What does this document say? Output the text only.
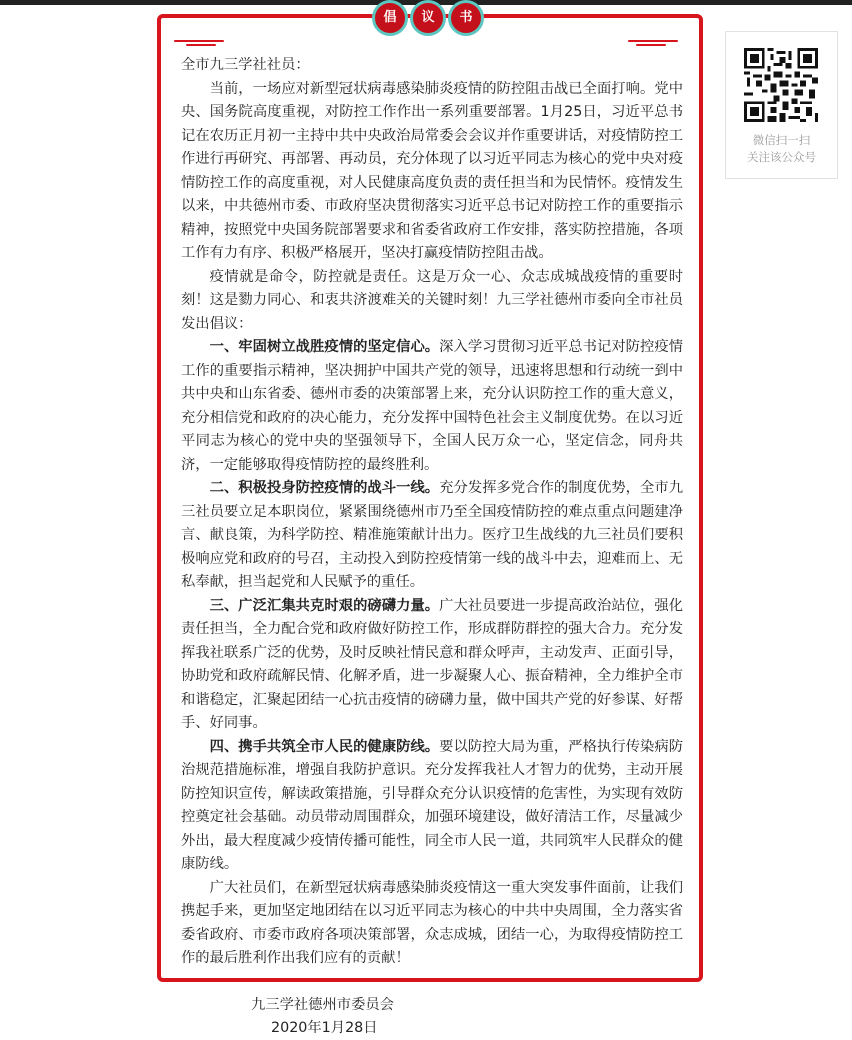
倡	议	书

全市九三学社社员：

当前，一场应对新型冠状病毒感染肺炎疫情的防控阻击战已全面打响。党中央、国务院高度重视，对防控工作作出一系列重要部署。1月25日，习近平总书记在农历正月初一主持中共中央政治局常委会会议并作重要讲话，对疫情防控工作进行再研究、再部署、再动员，充分体现了以习近平同志为核心的党中央对疫情防控工作的高度重视，对人民健康高度负责的责任担当和为民情怀。疫情发生以来，中共德州市委、市政府坚决贯彻落实习近平总书记对防控工作的重要指示精神，按照党中央国务院部署要求和省委省政府工作安排，落实防控措施，各项工作有力有序、积极严格展开，坚决打赢疫情防控阻击战。

疫情就是命令，防控就是责任。这是万众一心、众志成城战疫情的重要时刻！这是勠力同心、和衷共济渡难关的关键时刻！九三学社德州市委向全市社员发出倡议：

一、牢固树立战胜疫情的坚定信心。深入学习贯彻习近平总书记对防控疫情工作的重要指示精神，坚决拥护中国共产党的领导，迅速将思想和行动统一到中共中央和山东省委、德州市委的决策部署上来，充分认识防控工作的重大意义，充分相信党和政府的决心能力，充分发挥中国特色社会主义制度优势。在以习近平同志为核心的党中央的坚强领导下，全国人民万众一心，坚定信念，同舟共济，一定能够取得疫情防控的最终胜利。

二、积极投身防控疫情的战斗一线。充分发挥多党合作的制度优势，全市九三社员要立足本职岗位，紧紧围绕德州市乃至全国疫情防控的难点重点问题建净言、献良策，为科学防控、精准施策献计出力。医疗卫生战线的九三社员们要积极响应党和政府的号召，主动投入到防控疫情第一线的战斗中去，迎难而上、无私奉献，担当起党和人民赋予的重任。

三、广泛汇集共克时艰的磅礴力量。广大社员要进一步提高政治站位，强化责任担当，全力配合党和政府做好防控工作，形成群防群控的强大合力。充分发挥我社联系广泛的优势，及时反映社情民意和群众呼声，主动发声、正面引导，协助党和政府疏解民情、化解矛盾，进一步凝聚人心、振奋精神，全力维护全市和谐稳定，汇聚起团结一心抗击疫情的磅礴力量，做中国共产党的好参谋、好帮手、好同事。

四、携手共筑全市人民的健康防线。要以防控大局为重，严格执行传染病防治规范措施标准，增强自我防护意识。充分发挥我社人才智力的优势，主动开展防控知识宣传，解读政策措施，引导群众充分认识疫情的危害性，为实现有效防控奠定社会基础。动员带动周围群众，加强环境建设，做好清洁工作，尽量减少外出，最大程度减少疫情传播可能性，同全市人民一道，共同筑牢人民群众的健康防线。

广大社员们，在新型冠状病毒感染肺炎疫情这一重大突发事件面前，让我们携起手来，更加坚定地团结在以习近平同志为核心的中共中央周围，全力落实省委省政府、市委市政府各项决策部署，众志成城，团结一心，为取得疫情防控工作的最后胜利作出我们应有的贡献！

九三学社德州市委员会
2020年1月28日
微信扫一扫
关注该公众号
